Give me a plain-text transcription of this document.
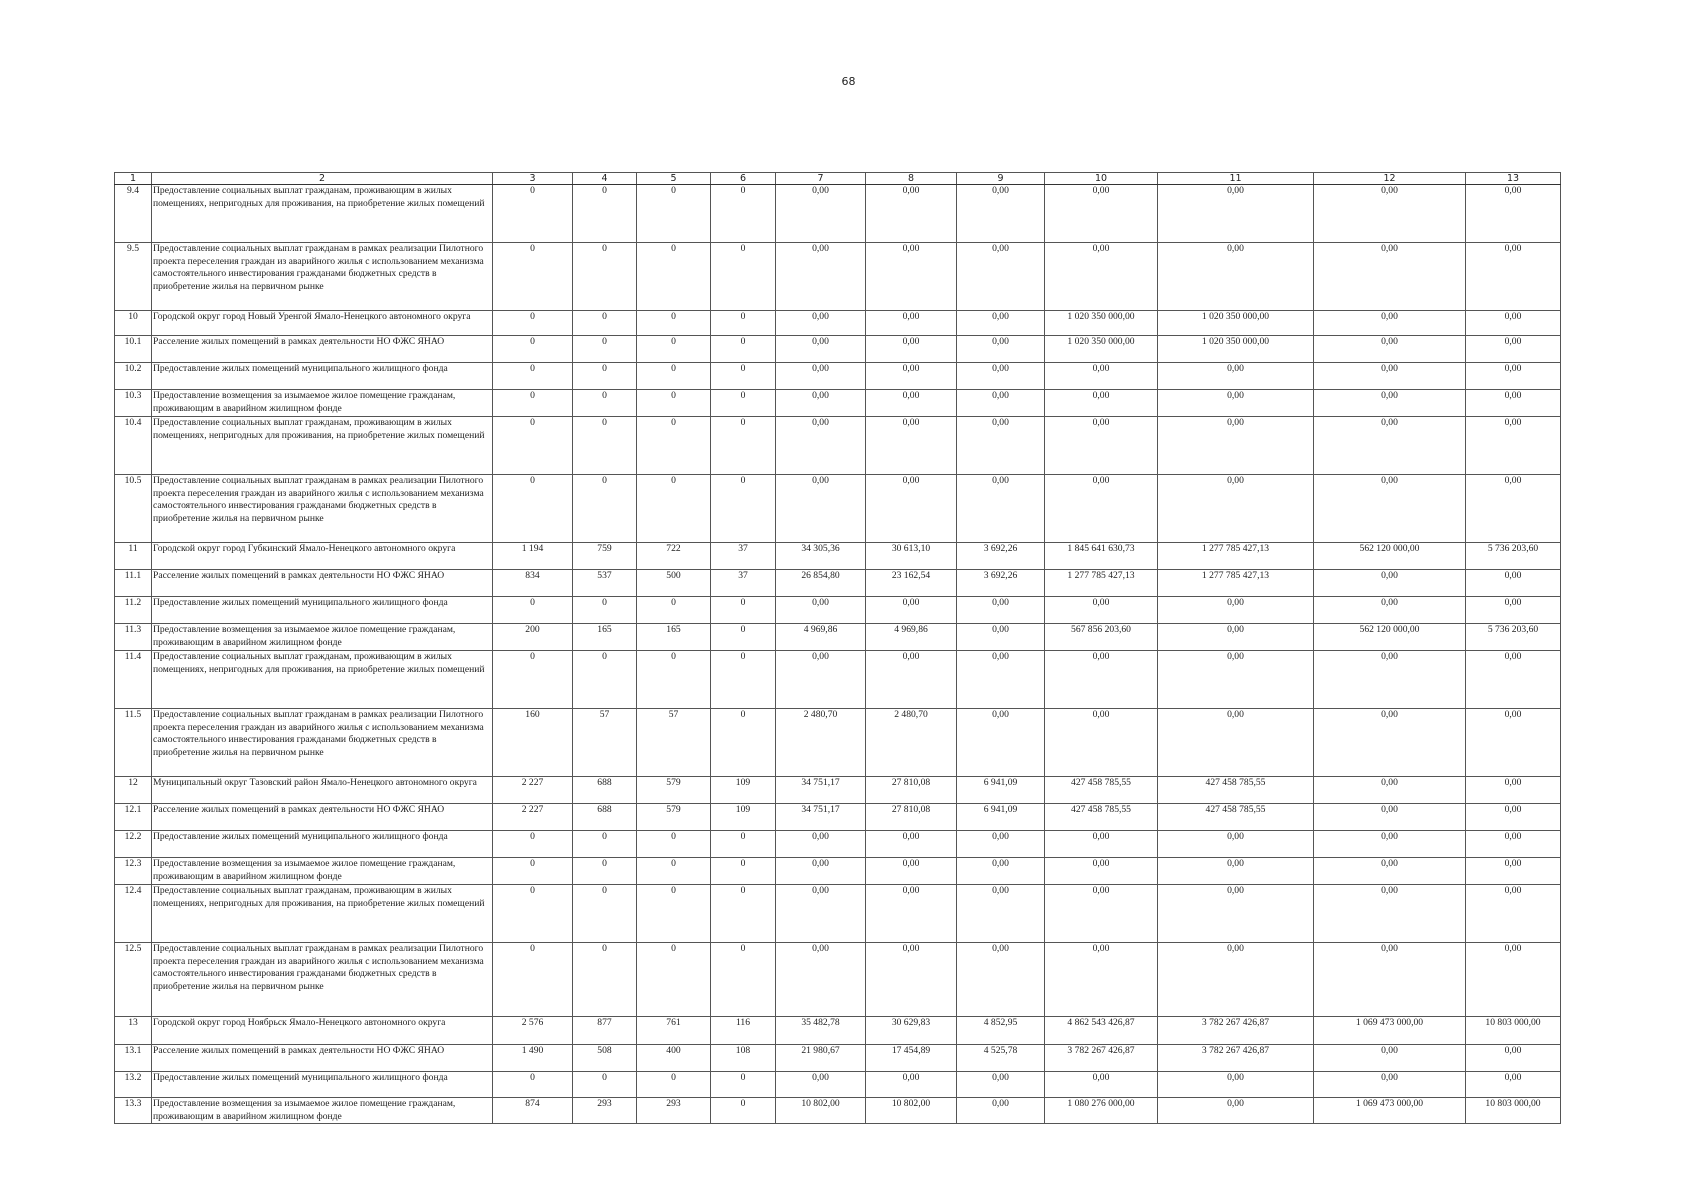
68
1	2	3	4	5	6	7	8	9	10	11	12	13
9.4	Предоставление социальных выплат гражданам, проживающим в жилых помещениях, непригодных для проживания, на приобретение жилых помещений	0	0	0	0	0,00	0,00	0,00	0,00	0,00	0,00	0,00
9.5	Предоставление социальных выплат гражданам в рамках реализации Пилотного проекта переселения граждан из аварийного жилья с использованием механизма самостоятельного инвестирования гражданами бюджетных средств в приобретение жилья на первичном рынке	0	0	0	0	0,00	0,00	0,00	0,00	0,00	0,00	0,00
10	Городской округ город Новый Уренгой Ямало-Ненецкого автономного округа	0	0	0	0	0,00	0,00	0,00	1 020 350 000,00	1 020 350 000,00	0,00	0,00
10.1	Расселение жилых помещений в рамках деятельности НО ФЖС ЯНАО	0	0	0	0	0,00	0,00	0,00	1 020 350 000,00	1 020 350 000,00	0,00	0,00
10.2	Предоставление жилых помещений муниципального жилищного фонда	0	0	0	0	0,00	0,00	0,00	0,00	0,00	0,00	0,00
10.3	Предоставление возмещения за изымаемое жилое помещение гражданам, проживающим в аварийном жилищном фонде	0	0	0	0	0,00	0,00	0,00	0,00	0,00	0,00	0,00
10.4	Предоставление социальных выплат гражданам, проживающим в жилых помещениях, непригодных для проживания, на приобретение жилых помещений	0	0	0	0	0,00	0,00	0,00	0,00	0,00	0,00	0,00
10.5	Предоставление социальных выплат гражданам в рамках реализации Пилотного проекта переселения граждан из аварийного жилья с использованием механизма самостоятельного инвестирования гражданами бюджетных средств в приобретение жилья на первичном рынке	0	0	0	0	0,00	0,00	0,00	0,00	0,00	0,00	0,00
11	Городской округ город Губкинский Ямало-Ненецкого автономного округа	1 194	759	722	37	34 305,36	30 613,10	3 692,26	1 845 641 630,73	1 277 785 427,13	562 120 000,00	5 736 203,60
11.1	Расселение жилых помещений в рамках деятельности НО ФЖС ЯНАО	834	537	500	37	26 854,80	23 162,54	3 692,26	1 277 785 427,13	1 277 785 427,13	0,00	0,00
11.2	Предоставление жилых помещений муниципального жилищного фонда	0	0	0	0	0,00	0,00	0,00	0,00	0,00	0,00	0,00
11.3	Предоставление возмещения за изымаемое жилое помещение гражданам, проживающим в аварийном жилищном фонде	200	165	165	0	4 969,86	4 969,86	0,00	567 856 203,60	0,00	562 120 000,00	5 736 203,60
11.4	Предоставление социальных выплат гражданам, проживающим в жилых помещениях, непригодных для проживания, на приобретение жилых помещений	0	0	0	0	0,00	0,00	0,00	0,00	0,00	0,00	0,00
11.5	Предоставление социальных выплат гражданам в рамках реализации Пилотного проекта переселения граждан из аварийного жилья с использованием механизма самостоятельного инвестирования гражданами бюджетных средств в приобретение жилья на первичном рынке	160	57	57	0	2 480,70	2 480,70	0,00	0,00	0,00	0,00	0,00
12	Муниципальный округ Тазовский район Ямало-Ненецкого автономного округа	2 227	688	579	109	34 751,17	27 810,08	6 941,09	427 458 785,55	427 458 785,55	0,00	0,00
12.1	Расселение жилых помещений в рамках деятельности НО ФЖС ЯНАО	2 227	688	579	109	34 751,17	27 810,08	6 941,09	427 458 785,55	427 458 785,55	0,00	0,00
12.2	Предоставление жилых помещений муниципального жилищного фонда	0	0	0	0	0,00	0,00	0,00	0,00	0,00	0,00	0,00
12.3	Предоставление возмещения за изымаемое жилое помещение гражданам, проживающим в аварийном жилищном фонде	0	0	0	0	0,00	0,00	0,00	0,00	0,00	0,00	0,00
12.4	Предоставление социальных выплат гражданам, проживающим в жилых помещениях, непригодных для проживания, на приобретение жилых помещений	0	0	0	0	0,00	0,00	0,00	0,00	0,00	0,00	0,00
12.5	Предоставление социальных выплат гражданам в рамках реализации Пилотного проекта переселения граждан из аварийного жилья с использованием механизма самостоятельного инвестирования гражданами бюджетных средств в приобретение жилья на первичном рынке	0	0	0	0	0,00	0,00	0,00	0,00	0,00	0,00	0,00
13	Городской округ город Ноябрьск Ямало-Ненецкого автономного округа	2 576	877	761	116	35 482,78	30 629,83	4 852,95	4 862 543 426,87	3 782 267 426,87	1 069 473 000,00	10 803 000,00
13.1	Расселение жилых помещений в рамках деятельности НО ФЖС ЯНАО	1 490	508	400	108	21 980,67	17 454,89	4 525,78	3 782 267 426,87	3 782 267 426,87	0,00	0,00
13.2	Предоставление жилых помещений муниципального жилищного фонда	0	0	0	0	0,00	0,00	0,00	0,00	0,00	0,00	0,00
13.3	Предоставление возмещения за изымаемое жилое помещение гражданам, проживающим в аварийном жилищном фонде	874	293	293	0	10 802,00	10 802,00	0,00	1 080 276 000,00	0,00	1 069 473 000,00	10 803 000,00
